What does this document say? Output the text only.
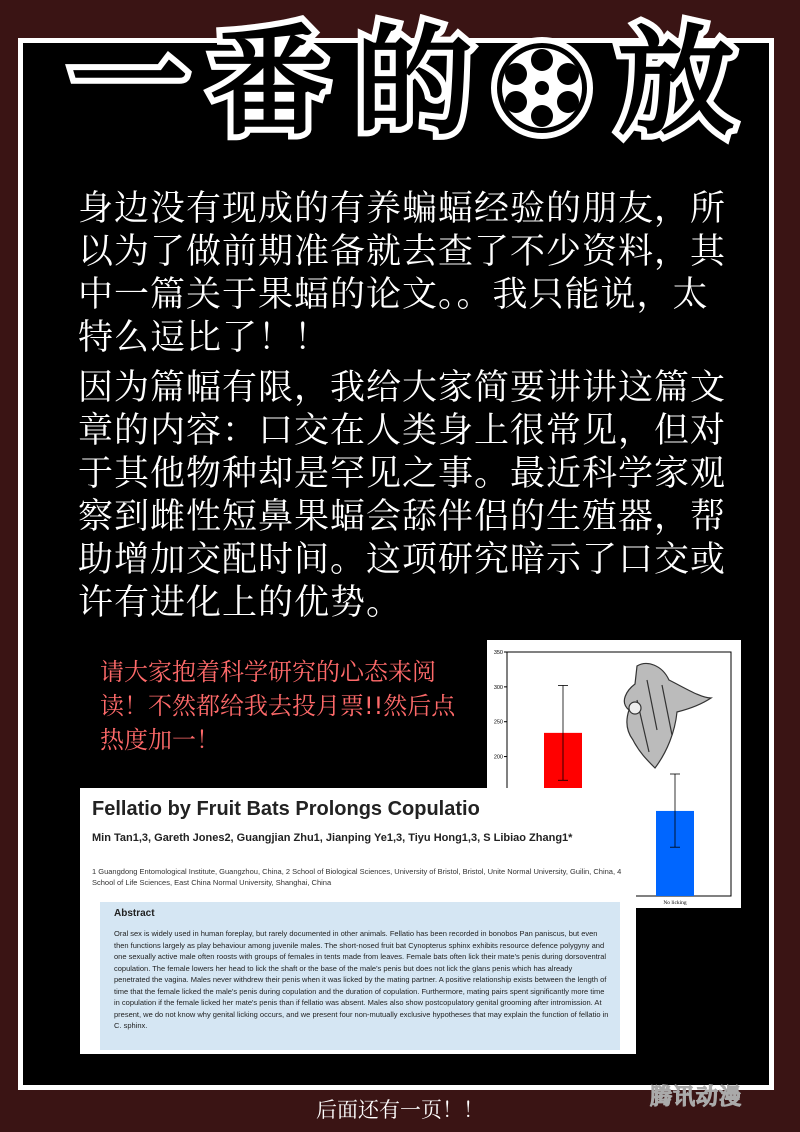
一 番 的 放
身边没有现成的有养蝙蝠经验的朋友，所以为了做前期准备就去查了不少资料，其中一篇关于果蝠的论文。。我只能说，太特么逗比了！！
因为篇幅有限，我给大家简要讲讲这篇文章的内容：口交在人类身上很常见，但对于其他物种却是罕见之事。最近科学家观察到雌性短鼻果蝠会舔伴侣的生殖器，帮助增加交配时间。这项研究暗示了口交或许有进化上的优势。
请大家抱着科学研究的心态来阅读！不然都给我去投月票!!然后点热度加一！
200
250
300
350
No licking
Fellatio by Fruit Bats Prolongs Copulatio
Min Tan1,3, Gareth Jones2, Guangjian Zhu1, Jianping Ye1,3, Tiyu Hong1,3, S Libiao Zhang1*
1 Guangdong Entomological Institute, Guangzhou, China, 2 School of Biological Sciences, University of Bristol, Bristol, Unite Normal University, Guilin, China, 4 School of Life Sciences, East China Normal University, Shanghai, China
Abstract
Oral sex is widely used in human foreplay, but rarely documented in other animals. Fellatio has been recorded in bonobos Pan paniscus, but even then functions largely as play behaviour among juvenile males. The short-nosed fruit bat Cynopterus sphinx exhibits resource defence polygyny and one sexually active male often roosts with groups of females in tents made from leaves. Female bats often lick their mate's penis during dorsoventral copulation. The female lowers her head to lick the shaft or the base of the male's penis but does not lick the glans penis which has already penetrated the vagina. Males never withdrew their penis when it was licked by the mating partner. A positive relationship exists between the length of time that the female licked the male's penis during copulation and the duration of copulation. Furthermore, mating pairs spent significantly more time in copulation if the female licked her mate's penis than if fellatio was absent. Males also show postcopulatory genital grooming after intromission. At present, we do not know why genital licking occurs, and we present four non-mutually exclusive hypotheses that may explain the function of fellatio in C. sphinx.
后面还有一页！！	腾讯动漫
